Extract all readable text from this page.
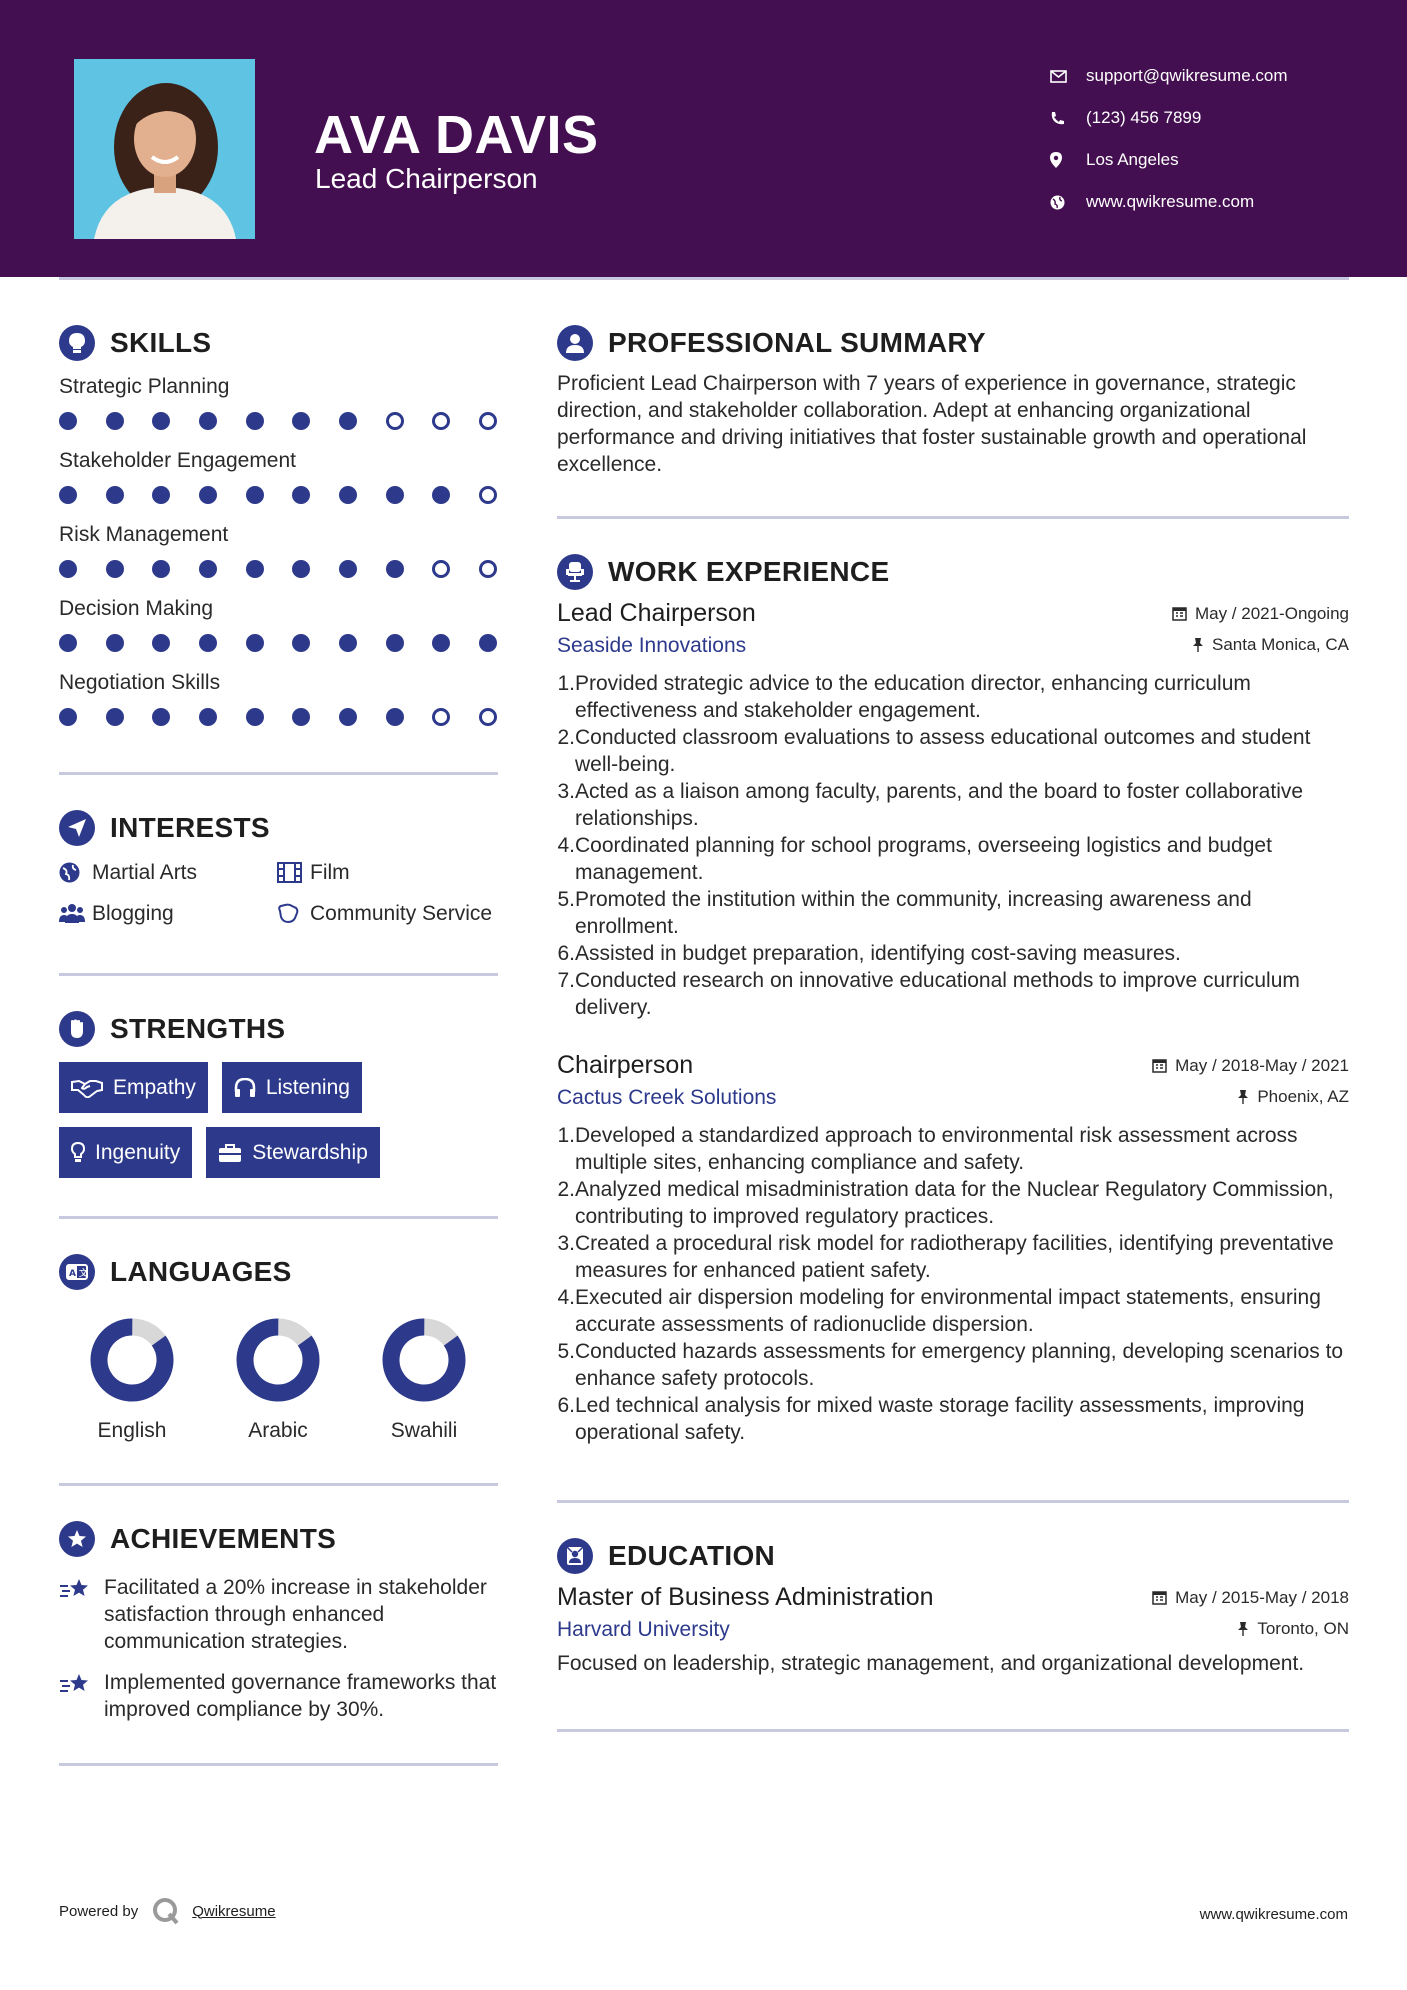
AVA DAVIS
Lead Chairperson
support@qwikresume.com
(123) 456 7899
Los Angeles
www.qwikresume.com
SKILLS
Strategic Planning
Stakeholder Engagement
Risk Management
Decision Making
Negotiation Skills
INTERESTS
Martial Arts	Film
Blogging	Community Service
STRENGTHS
Empathy	Listening
Ingenuity	Stewardship
A 文 LANGUAGES
English	Arabic	Swahili
ACHIEVEMENTS
Facilitated a 20% increase in stakeholder satisfaction through enhanced communication strategies.
Implemented governance frameworks that improved compliance by 30%.
PROFESSIONAL SUMMARY
Proficient Lead Chairperson with 7 years of experience in governance, strategic direction, and stakeholder collaboration. Adept at enhancing organizational performance and driving initiatives that foster sustainable growth and operational excellence.
WORK EXPERIENCE
Lead Chairperson	May / 2021-Ongoing
Seaside Innovations	Santa Monica, CA
1. Provided strategic advice to the education director, enhancing curriculum effectiveness and stakeholder engagement.
2. Conducted classroom evaluations to assess educational outcomes and student well-being.
3. Acted as a liaison among faculty, parents, and the board to foster collaborative relationships.
4. Coordinated planning for school programs, overseeing logistics and budget management.
5. Promoted the institution within the community, increasing awareness and enrollment.
6. Assisted in budget preparation, identifying cost-saving measures.
7. Conducted research on innovative educational methods to improve curriculum delivery.
Chairperson	May / 2018-May / 2021
Cactus Creek Solutions	Phoenix, AZ
1. Developed a standardized approach to environmental risk assessment across multiple sites, enhancing compliance and safety.
2. Analyzed medical misadministration data for the Nuclear Regulatory Commission, contributing to improved regulatory practices.
3. Created a procedural risk model for radiotherapy facilities, identifying preventative measures for enhanced patient safety.
4. Executed air dispersion modeling for environmental impact statements, ensuring accurate assessments of radionuclide dispersion.
5. Conducted hazards assessments for emergency planning, developing scenarios to enhance safety protocols.
6. Led technical analysis for mixed waste storage facility assessments, improving operational safety.
EDUCATION
Master of Business Administration	May / 2015-May / 2018
Harvard University	Toronto, ON
Focused on leadership, strategic management, and organizational development.
Powered by	Qwikresume	www.qwikresume.com
